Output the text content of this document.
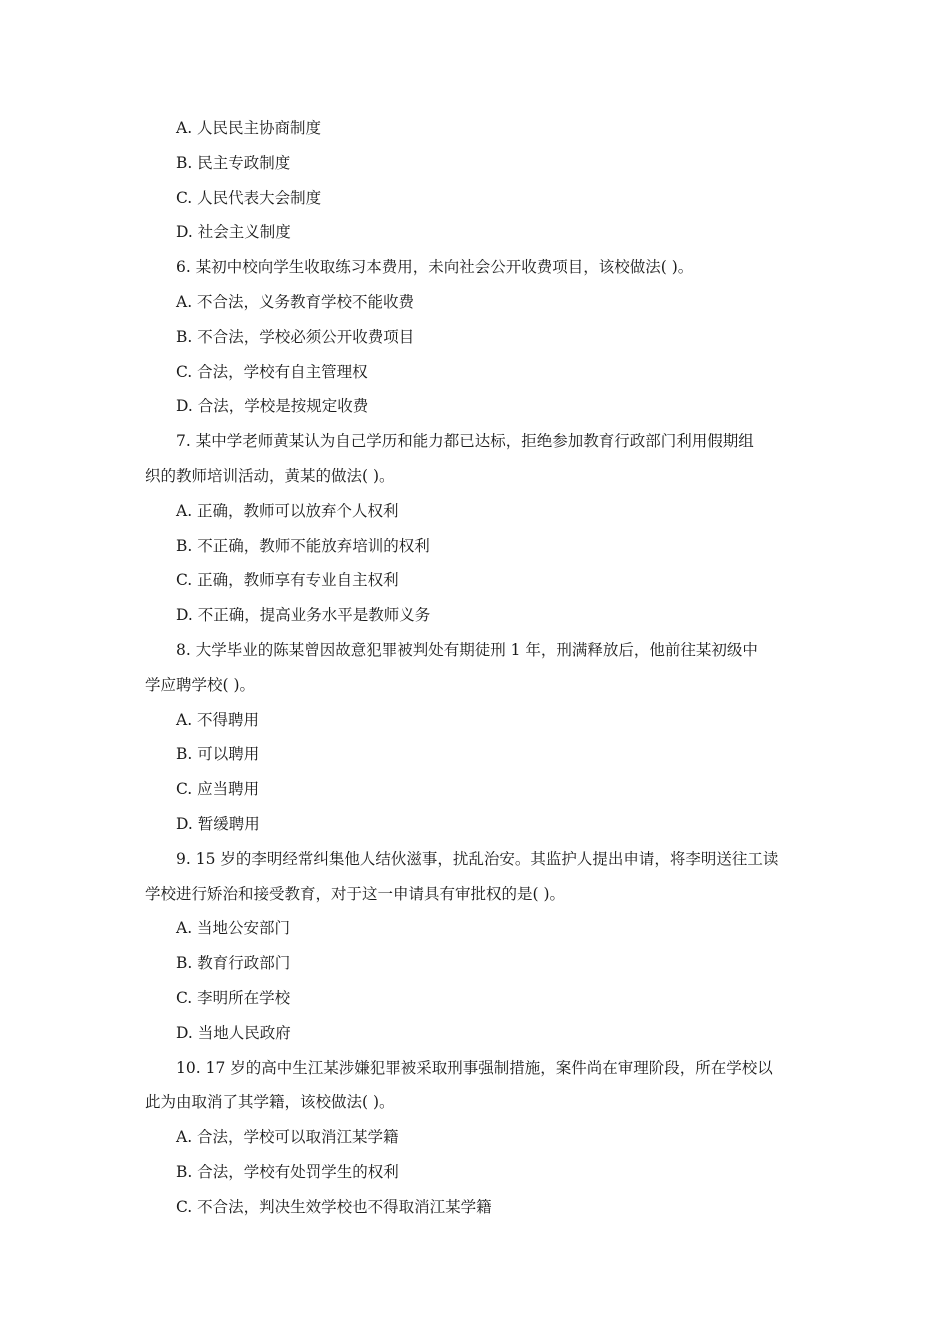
A. 人民民主协商制度
B. 民主专政制度
C. 人民代表大会制度
D. 社会主义制度
6. 某初中校向学生收取练习本费用，未向社会公开收费项目，该校做法( )。
A. 不合法，义务教育学校不能收费
B. 不合法，学校必须公开收费项目
C. 合法，学校有自主管理权
D. 合法，学校是按规定收费
7. 某中学老师黄某认为自己学历和能力都已达标，拒绝参加教育行政部门利用假期组
织的教师培训活动，黄某的做法( )。
A. 正确，教师可以放弃个人权利
B. 不正确，教师不能放弃培训的权利
C. 正确，教师享有专业自主权利
D. 不正确，提高业务水平是教师义务
8. 大学毕业的陈某曾因故意犯罪被判处有期徒刑 1 年，刑满释放后，他前往某初级中
学应聘学校( )。
A. 不得聘用
B. 可以聘用
C. 应当聘用
D. 暂缓聘用
9. 15 岁的李明经常纠集他人结伙滋事，扰乱治安。其监护人提出申请，将李明送往工读
学校进行矫治和接受教育，对于这一申请具有审批权的是( )。
A. 当地公安部门
B. 教育行政部门
C. 李明所在学校
D. 当地人民政府
10. 17 岁的高中生江某涉嫌犯罪被采取刑事强制措施，案件尚在审理阶段，所在学校以
此为由取消了其学籍，该校做法( )。
A. 合法，学校可以取消江某学籍
B. 合法，学校有处罚学生的权利
C. 不合法，判决生效学校也不得取消江某学籍
